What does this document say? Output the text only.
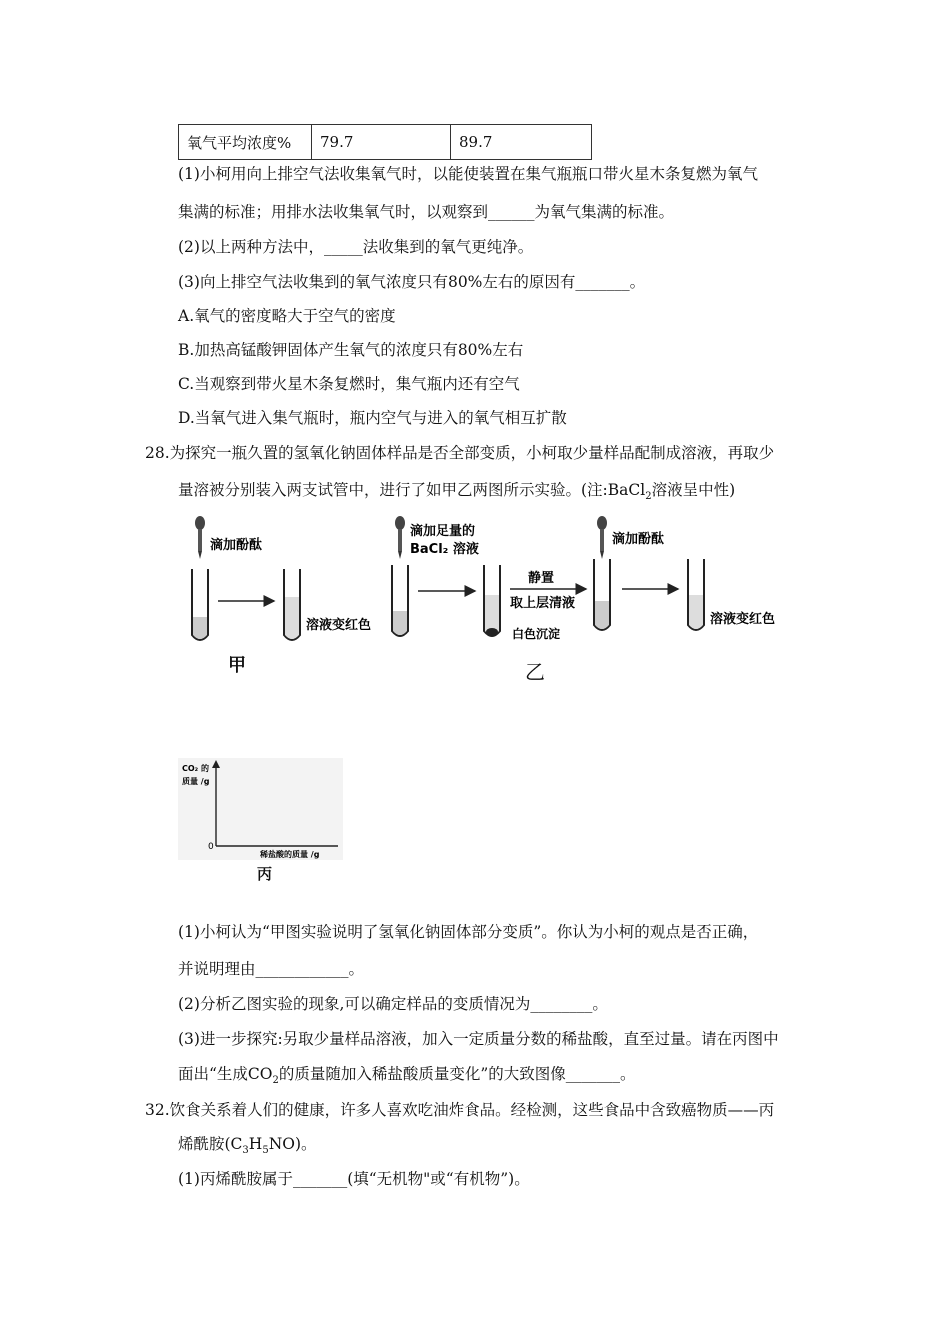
氧气平均浓度%	79.7	89.7
(1)小柯用向上排空气法收集氧气时，以能使装置在集气瓶瓶口带火星木条复燃为氧气
集满的标准；用排水法收集氧气时，以观察到______为氧气集满的标准。
(2)以上两种方法中，_____法收集到的氧气更纯净。
(3)向上排空气法收集到的氧气浓度只有80%左右的原因有_______。
A.氧气的密度略大于空气的密度
B.加热高锰酸钾固体产生氧气的浓度只有80%左右
C.当观察到带火星木条复燃时，集气瓶内还有空气
D.当氧气进入集气瓶时，瓶内空气与进入的氧气相互扩散
28.为探究一瓶久置的氢氧化钠固体样品是否全部变质，小柯取少量样品配制成溶液，再取少
量溶被分别装入两支试管中，进行了如甲乙两图所示实验。(注:BaCl$_2$溶液呈中性)
滴加酚酞
溶液变红色
滴加足量的
BaCl₂ 溶液
白色沉淀
静置
取上层清液
滴加酚酞
溶液变红色
甲	乙
CO₂ 的
质量 /g
0
稀盐酸的质量 /g
丙
(1)小柯认为“甲图实验说明了氢氧化钠固体部分变质”。你认为小柯的观点是否正确，
并说明理由____________。
(2)分析乙图实验的现象,可以确定样品的变质情况为________。
(3)进一步探究:另取少量样品溶液，加入一定质量分数的稀盐酸，直至过量。请在丙图中
面出“生成$CO_2$的质量随加入稀盐酸质量变化”的大致图像_______。
32.饮食关系着人们的健康，许多人喜欢吃油炸食品。经检测，这些食品中含致癌物质——丙
烯酰胺$(C_3H_5NO)$。
(1)丙烯酰胺属于_______(填“无机物"或“有机物”)。
